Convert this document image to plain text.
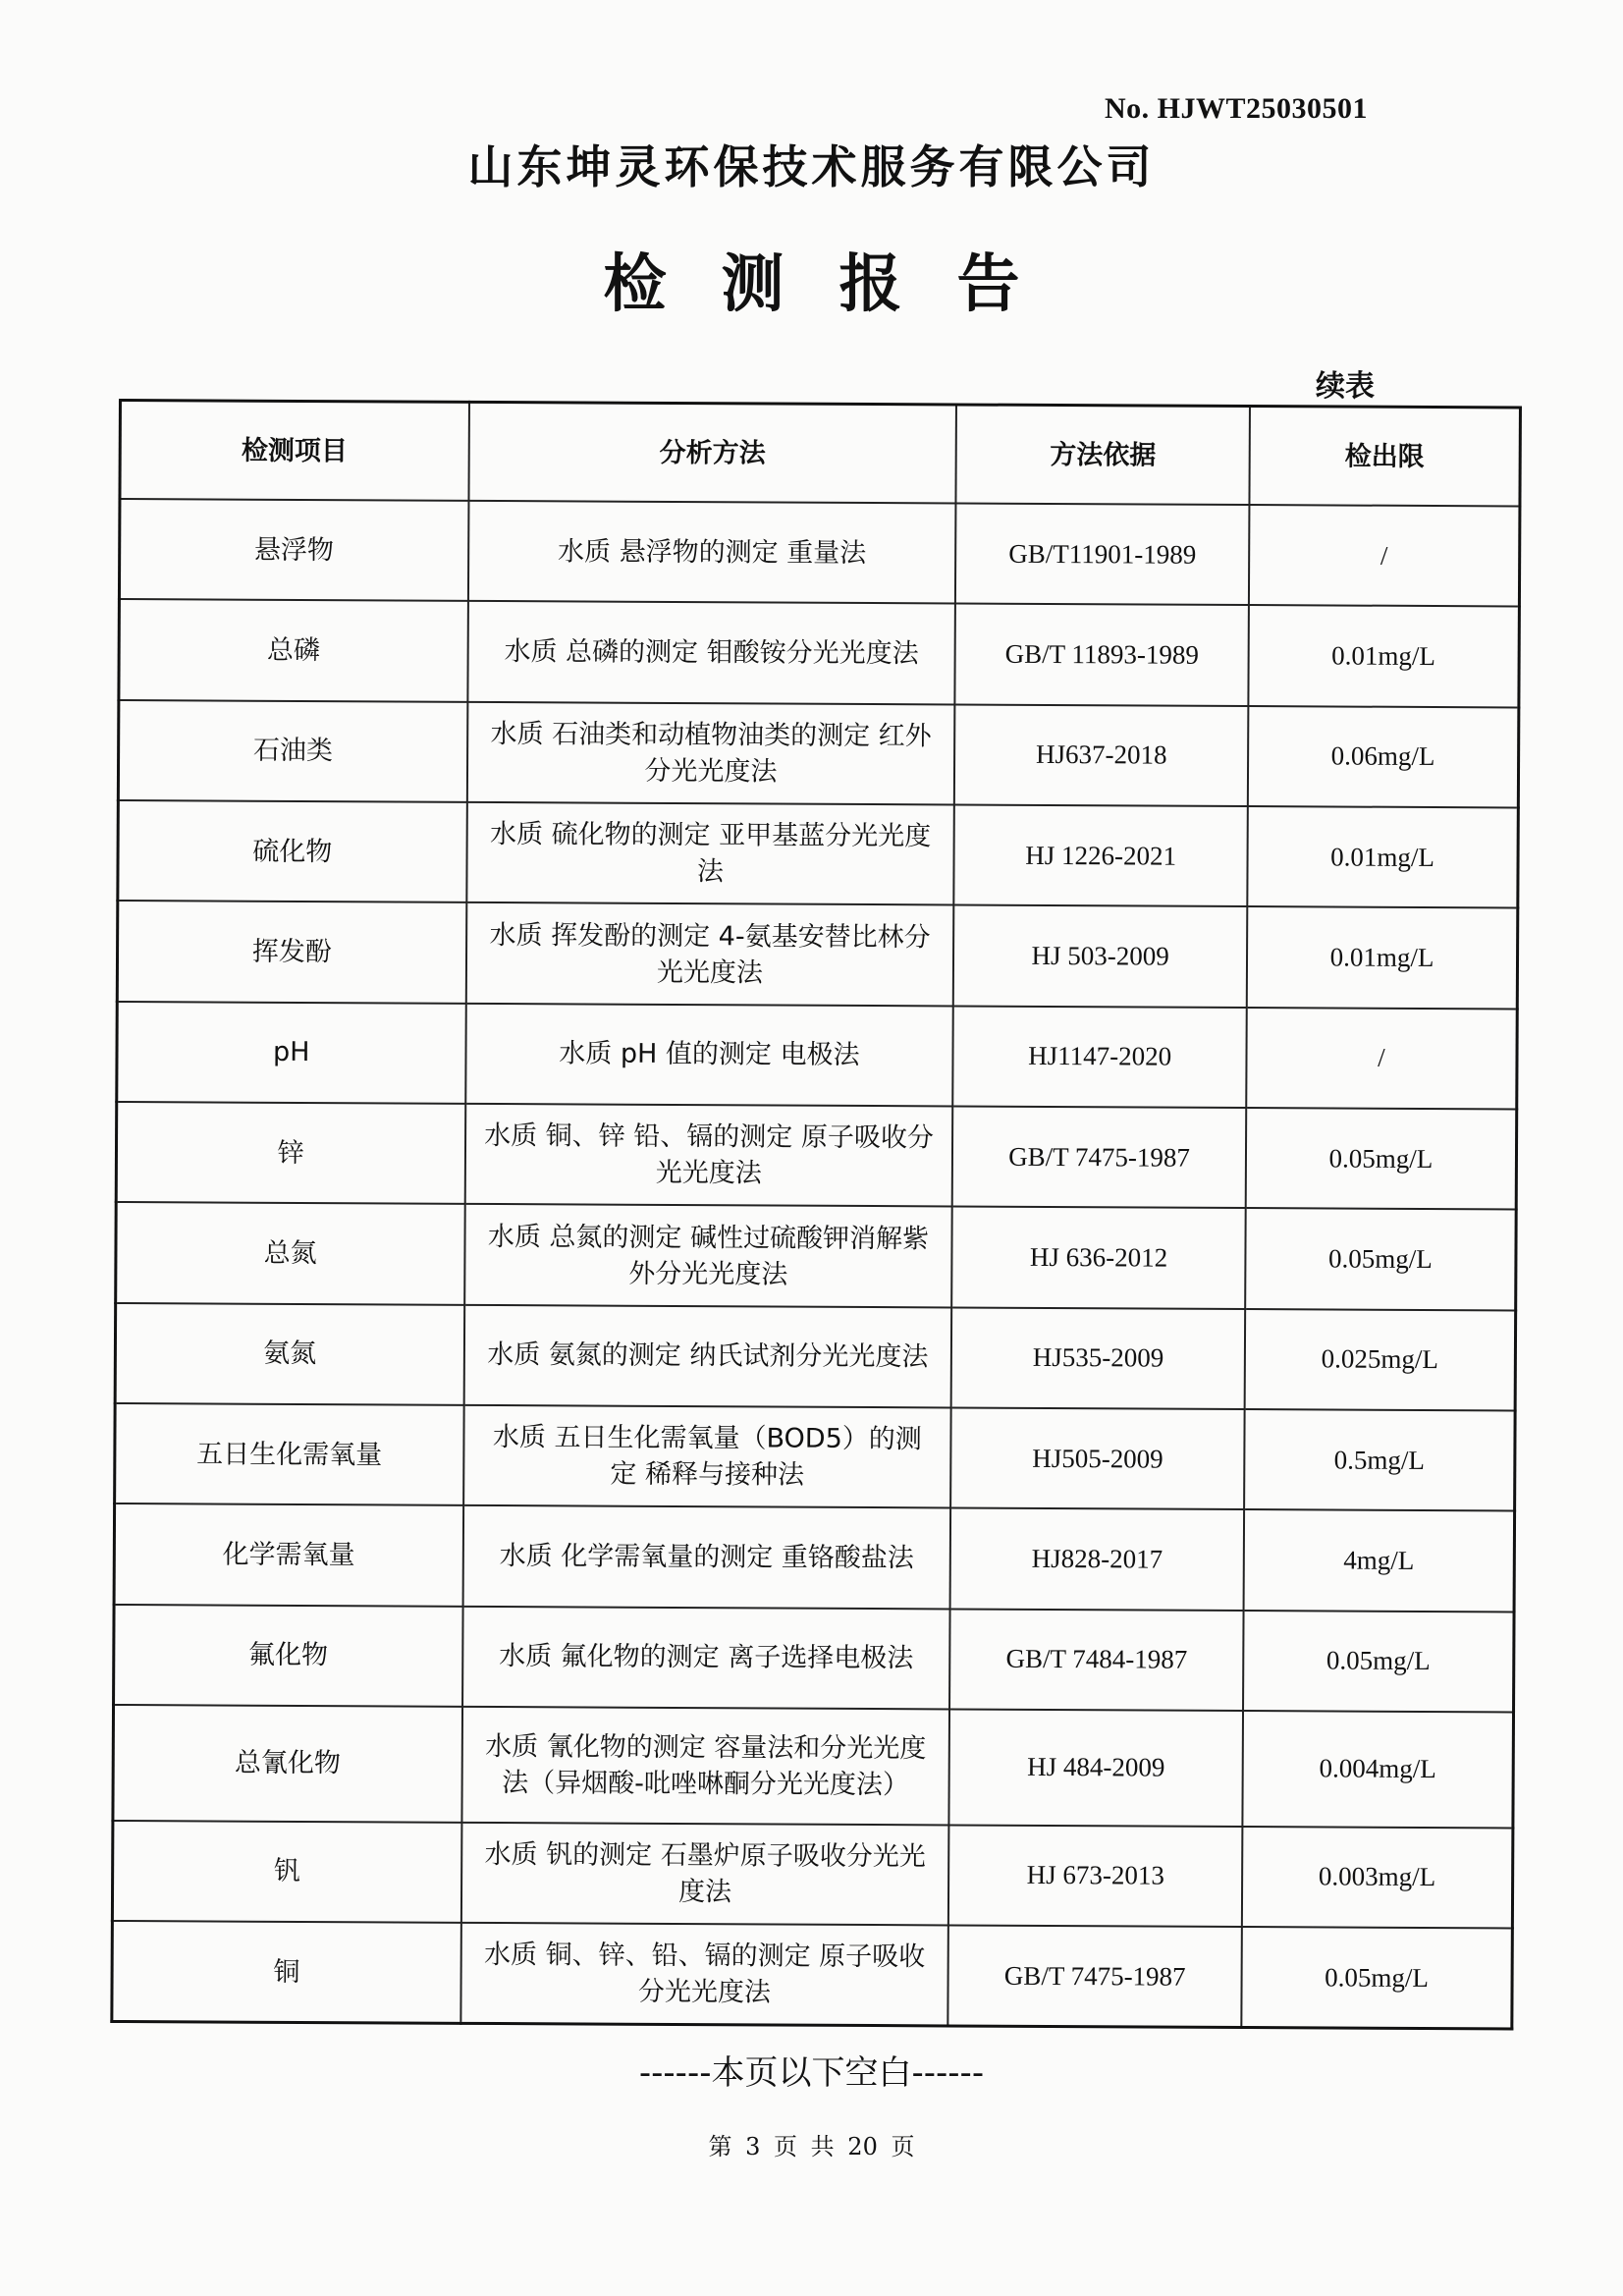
No. HJWT25030501
山东坤灵环保技术服务有限公司
检测报告
续表
检测项目	分析方法	方法依据	检出限
悬浮物	水质 悬浮物的测定 重量法	GB/T11901-1989	/
总磷	水质 总磷的测定 钼酸铵分光光度法	GB/T 11893-1989	0.01mg/L
石油类	水质 石油类和动植物油类的测定 红外分光光度法	HJ637-2018	0.06mg/L
硫化物	水质 硫化物的测定 亚甲基蓝分光光度法	HJ 1226-2021	0.01mg/L
挥发酚	水质 挥发酚的测定 4-氨基安替比林分光光度法	HJ 503-2009	0.01mg/L
pH	水质 pH 值的测定 电极法	HJ1147-2020	/
锌	水质 铜、锌 铅、镉的测定 原子吸收分光光度法	GB/T 7475-1987	0.05mg/L
总氮	水质 总氮的测定 碱性过硫酸钾消解紫外分光光度法	HJ 636-2012	0.05mg/L
氨氮	水质 氨氮的测定 纳氏试剂分光光度法	HJ535-2009	0.025mg/L
五日生化需氧量	水质 五日生化需氧量（BOD5）的测定 稀释与接种法	HJ505-2009	0.5mg/L
化学需氧量	水质 化学需氧量的测定 重铬酸盐法	HJ828-2017	4mg/L
氟化物	水质 氟化物的测定 离子选择电极法	GB/T 7484-1987	0.05mg/L
总氰化物	水质 氰化物的测定 容量法和分光光度法（异烟酸-吡唑啉酮分光光度法）	HJ 484-2009	0.004mg/L
钒	水质 钒的测定 石墨炉原子吸收分光光度法	HJ 673-2013	0.003mg/L
铜	水质 铜、锌、铅、镉的测定 原子吸收分光光度法	GB/T 7475-1987	0.05mg/L
------本页以下空白------
第 3 页 共 20 页
